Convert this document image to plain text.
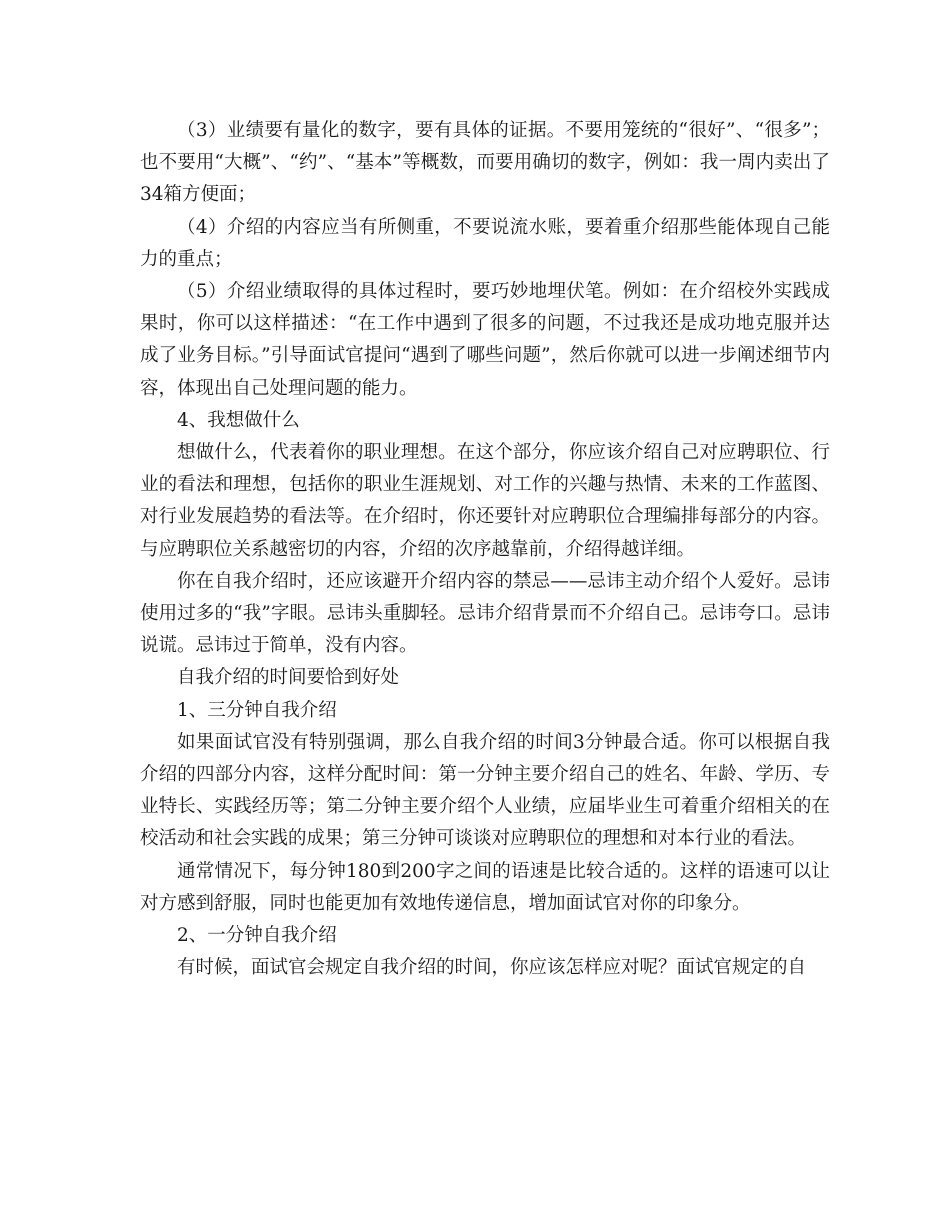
（3）业绩要有量化的数字，要有具体的证据。不要用笼统的“很好”、“很多”；也不要用“大概”、“约”、“基本”等概数，而要用确切的数字，例如：我一周内卖出了34箱方便面；

（4）介绍的内容应当有所侧重，不要说流水账，要着重介绍那些能体现自己能力的重点；

（5）介绍业绩取得的具体过程时，要巧妙地埋伏笔。例如：在介绍校外实践成果时，你可以这样描述：“在工作中遇到了很多的问题，不过我还是成功地克服并达成了业务目标。”引导面试官提问“遇到了哪些问题”，然后你就可以进一步阐述细节内容，体现出自己处理问题的能力。

4、我想做什么

想做什么，代表着你的职业理想。在这个部分，你应该介绍自己对应聘职位、行业的看法和理想，包括你的职业生涯规划、对工作的兴趣与热情、未来的工作蓝图、对行业发展趋势的看法等。在介绍时，你还要针对应聘职位合理编排每部分的内容。与应聘职位关系越密切的内容，介绍的次序越靠前，介绍得越详细。

你在自我介绍时，还应该避开介绍内容的禁忌——忌讳主动介绍个人爱好。忌讳使用过多的“我”字眼。忌讳头重脚轻。忌讳介绍背景而不介绍自己。忌讳夸口。忌讳说谎。忌讳过于简单，没有内容。

自我介绍的时间要恰到好处

1、三分钟自我介绍

如果面试官没有特别强调，那么自我介绍的时间3分钟最合适。你可以根据自我介绍的四部分内容，这样分配时间：第一分钟主要介绍自己的姓名、年龄、学历、专业特长、实践经历等；第二分钟主要介绍个人业绩，应届毕业生可着重介绍相关的在校活动和社会实践的成果；第三分钟可谈谈对应聘职位的理想和对本行业的看法。

通常情况下，每分钟180到200字之间的语速是比较合适的。这样的语速可以让对方感到舒服，同时也能更加有效地传递信息，增加面试官对你的印象分。

2、一分钟自我介绍

有时候，面试官会规定自我介绍的时间，你应该怎样应对呢？面试官规定的自
